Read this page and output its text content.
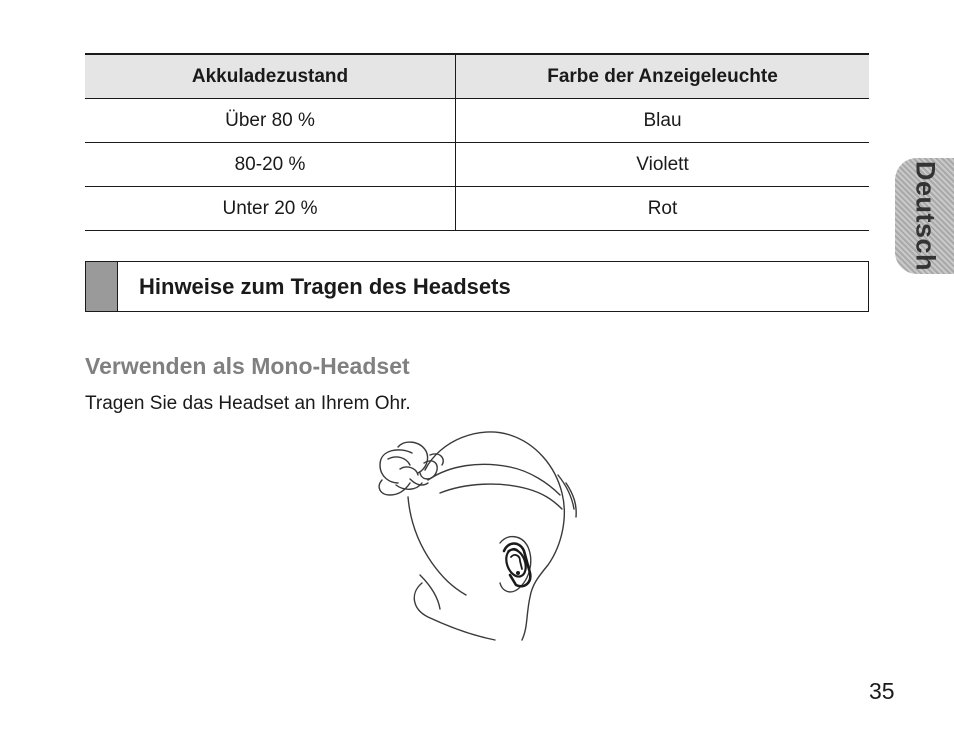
Akkuladezustand	Farbe der Anzeigeleuchte
Über 80 %	Blau
80-20 %	Violett
Unter 20 %	Rot
Hinweise zum Tragen des Headsets
Verwenden als Mono-Headset
Tragen Sie das Headset an Ihrem Ohr.
Deutsch
35
